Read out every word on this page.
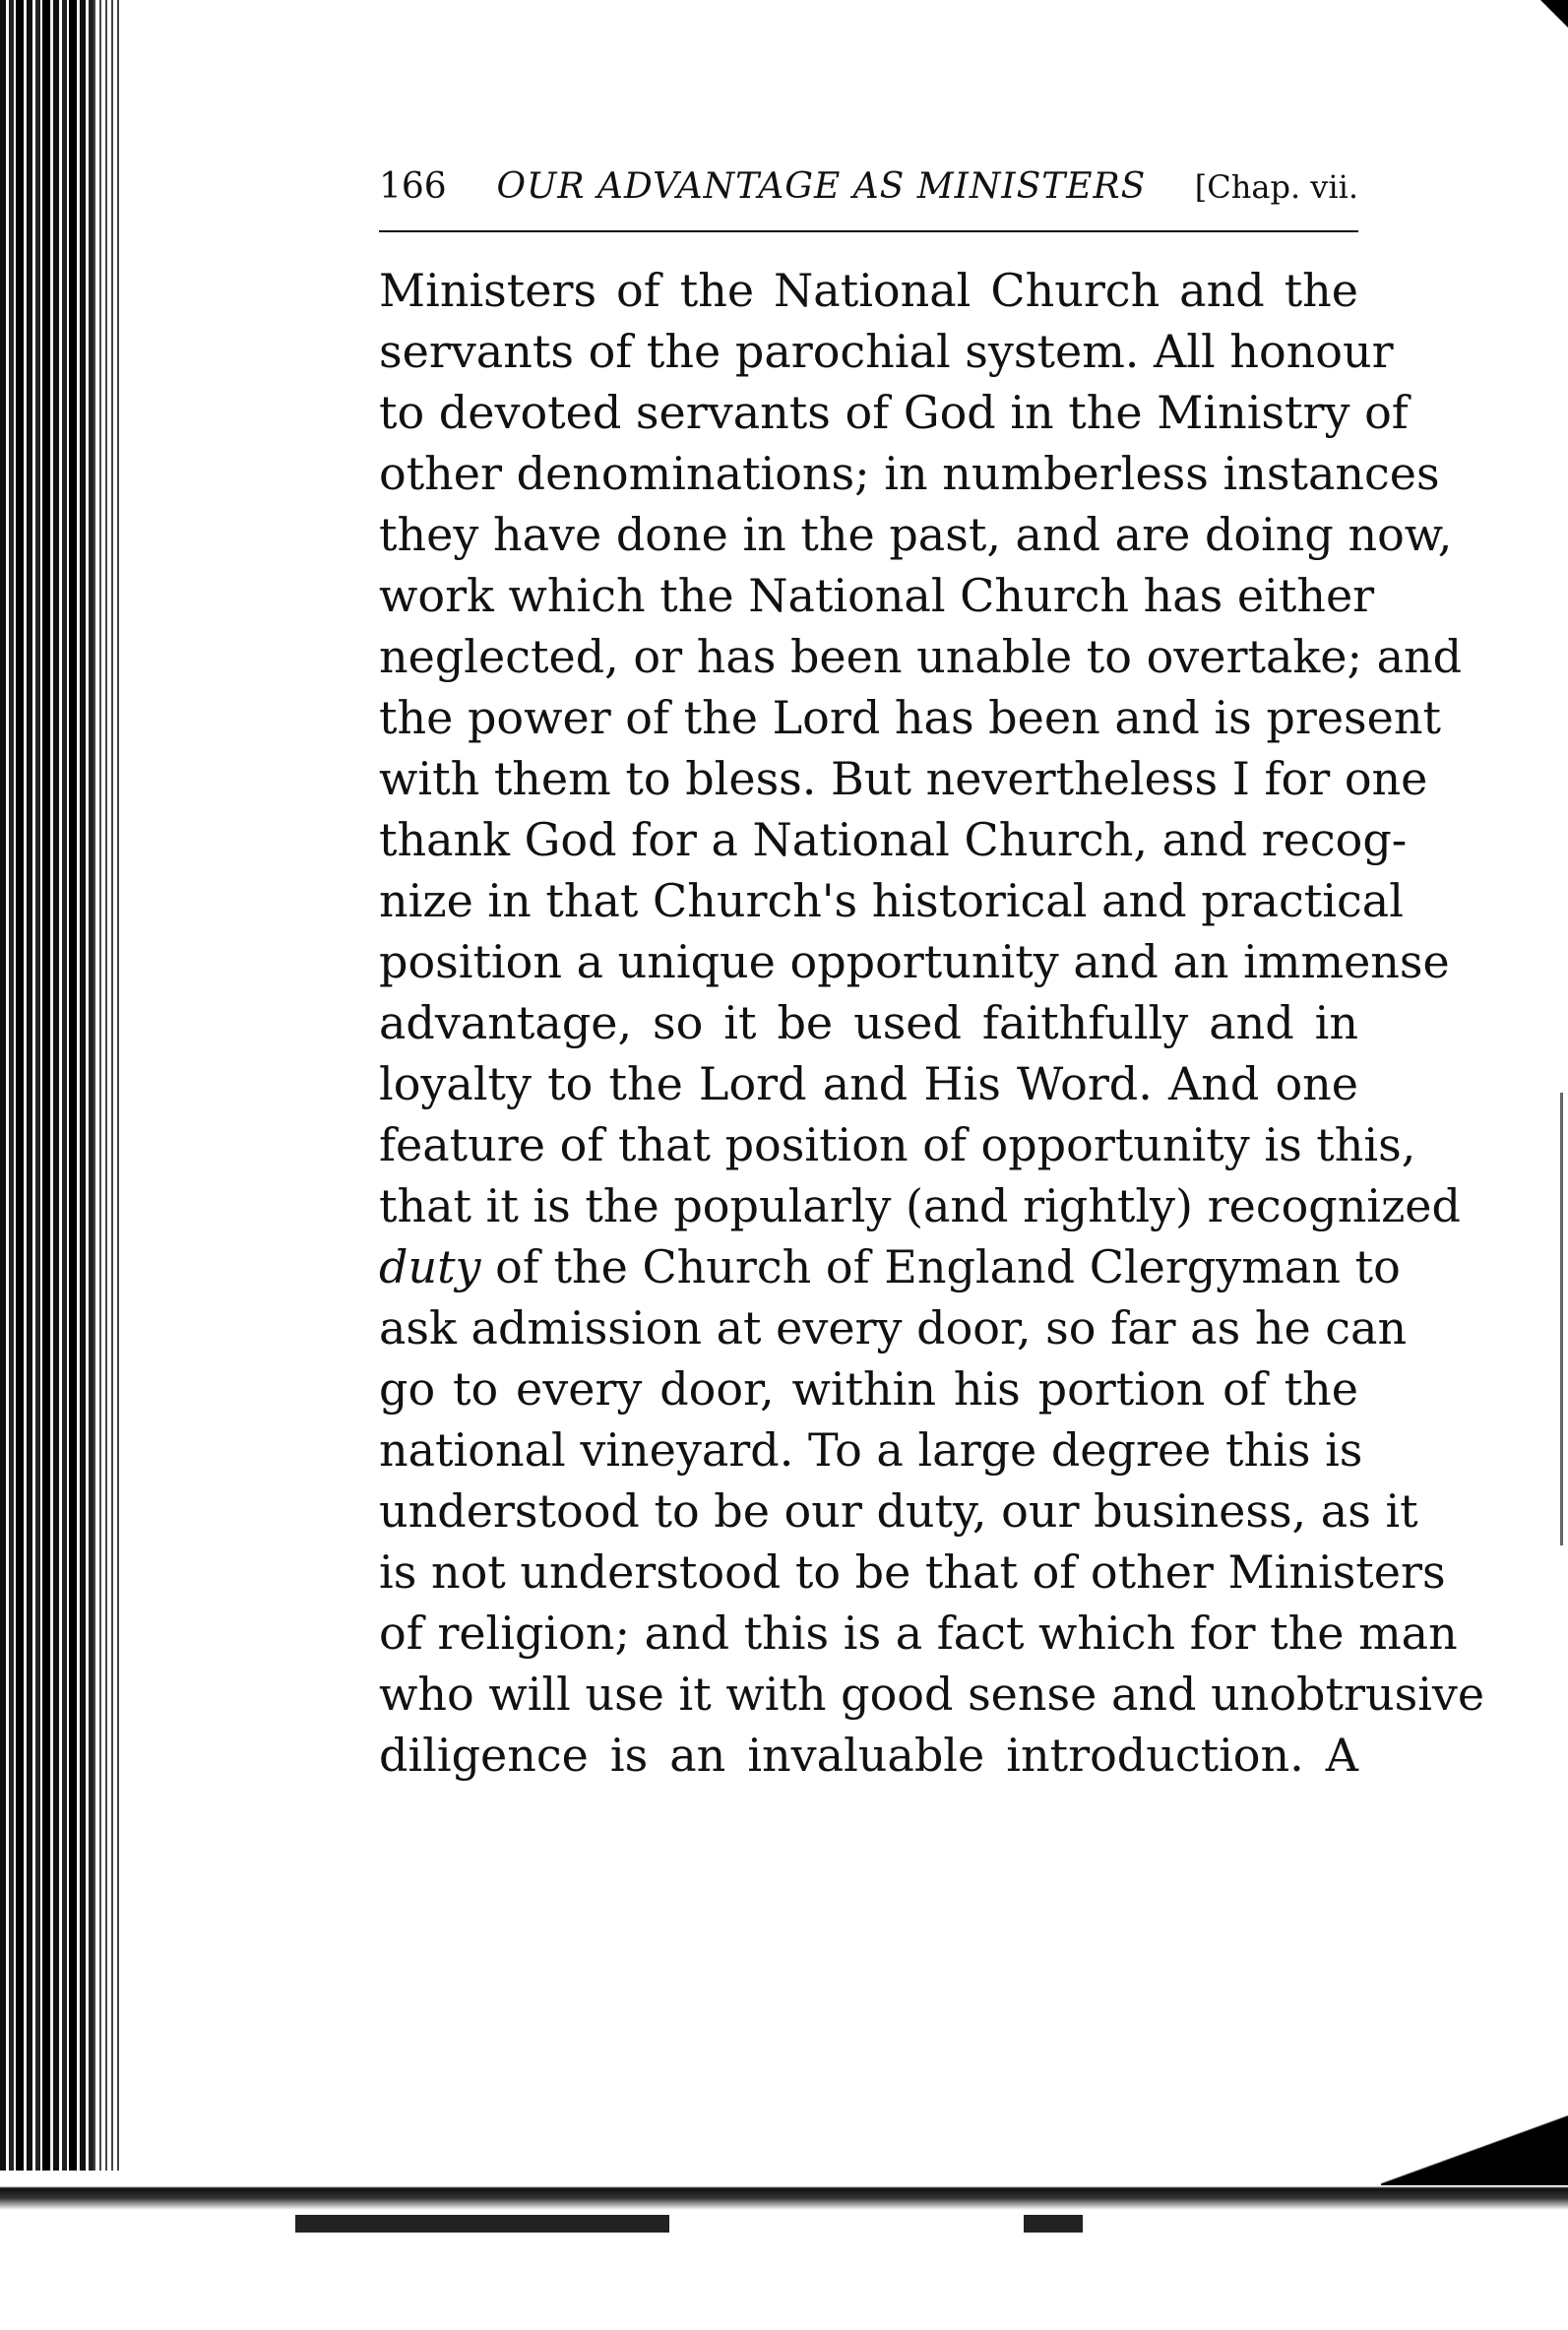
166	OUR ADVANTAGE AS MINISTERS	[Chap. vii.
Ministers of the National Church and the
servants of the parochial system. All honour
to devoted servants of God in the Ministry of
other denominations; in numberless instances
they have done in the past, and are doing now,
work which the National Church has either
neglected, or has been unable to overtake; and
the power of the Lord has been and is present
with them to bless. But nevertheless I for one
thank God for a National Church, and recog-
nize in that Church's historical and practical
position a unique opportunity and an immense
advantage, so it be used faithfully and in
loyalty to the Lord and His Word. And one
feature of that position of opportunity is this,
that it is the popularly (and rightly) recognized
duty of the Church of England Clergyman to
ask admission at every door, so far as he can
go to every door, within his portion of the
national vineyard. To a large degree this is
understood to be our duty, our business, as it
is not understood to be that of other Ministers
of religion; and this is a fact which for the man
who will use it with good sense and unobtrusive
diligence is an invaluable introduction. A
